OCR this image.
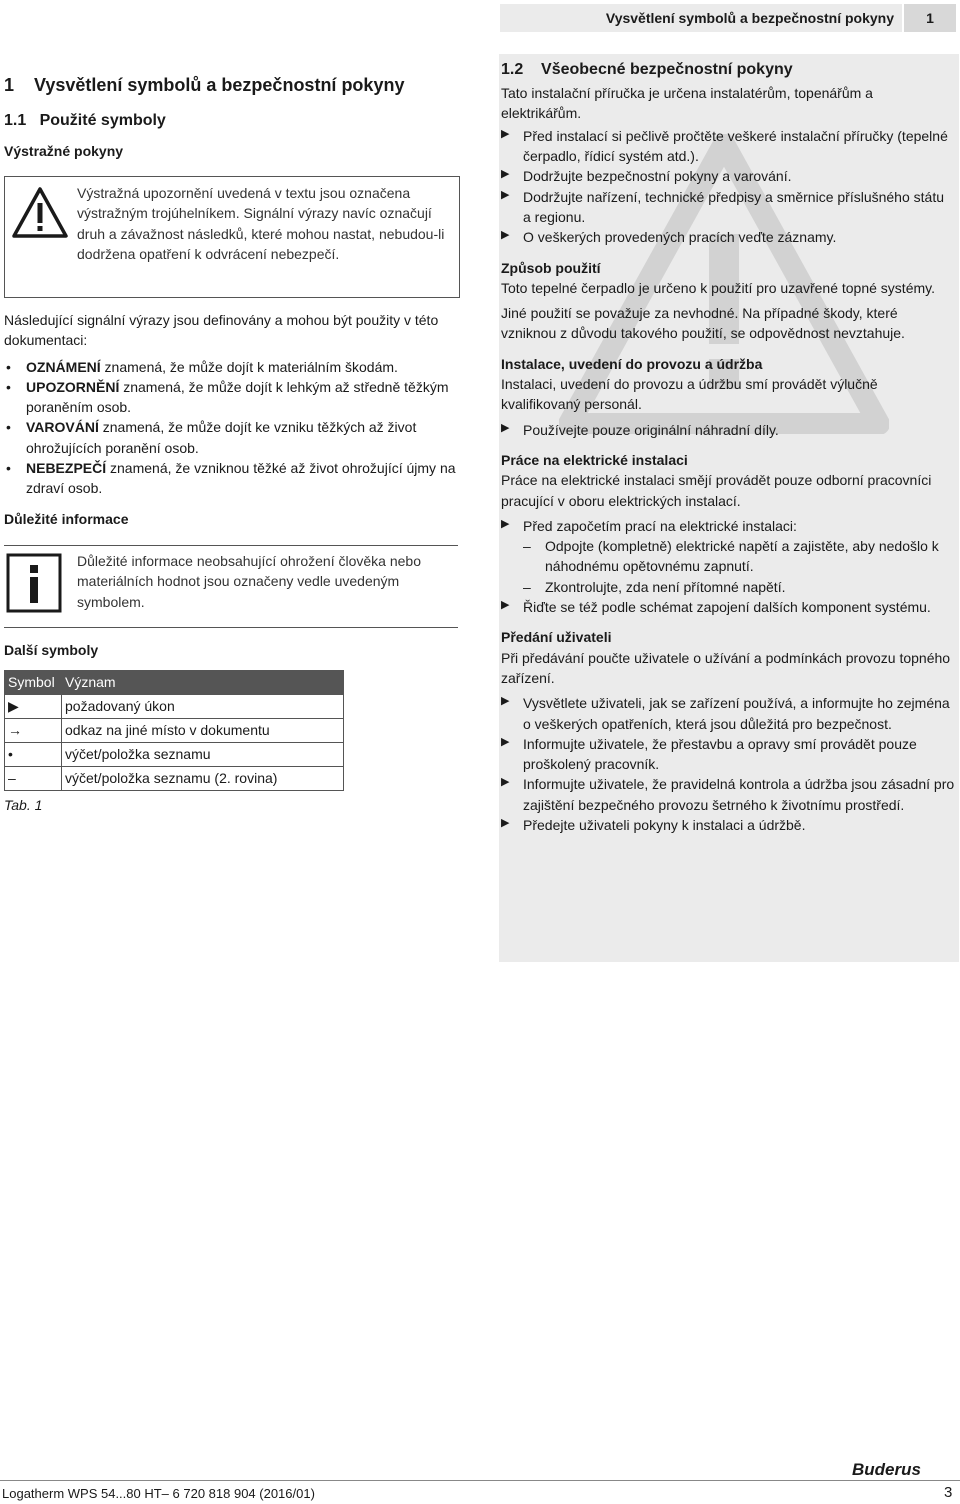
Vysvětlení symbolů a bezpečnostní pokyny	1
1    Vysvětlení symbolů a bezpečnostní pokyny
1.1   Použité symboly
Výstražné pokyny
Výstražná upozornění uvedená v textu jsou označena výstražným trojúhelníkem. Signální výrazy navíc označují druh a závažnost následků, které mohou nastat, nebudou-li dodržena opatření k odvrácení nebezpečí.

Následující signální výrazy jsou definovány a mohou být použity v této dokumentaci:

• OZNÁMENÍ znamená, že může dojít k materiálním škodám.
• UPOZORNĚNÍ znamená, že může dojít k lehkým až středně těžkým poraněním osob.
• VAROVÁNÍ znamená, že může dojít ke vzniku těžkých až život ohrožujících poranění osob.
• NEBEZPEČÍ znamená, že vzniknou těžké až život ohrožující újmy na zdraví osob.
Důležité informace
Důležité informace neobsahující ohrožení člověka nebo materiálních hodnot jsou označeny vedle uvedeným symbolem.
Další symboly
Symbol	Význam
▶	požadovaný úkon
→	odkaz na jiné místo v dokumentu
•	výčet/položka seznamu
–	výčet/položka seznamu (2. rovina)
Tab. 1
1.2    Všeobecné bezpečnostní pokyny

Tato instalační příručka je určena instalatérům, topenářům a elektrikářům.

▶ Před instalací si pečlivě pročtěte veškeré instalační příručky (tepelné čerpadlo, řídicí systém atd.).
▶ Dodržujte bezpečnostní pokyny a varování.
▶ Dodržujte nařízení, technické předpisy a směrnice příslušného státu a regionu.
▶ O veškerých provedených pracích veďte záznamy.
Způsob použití

Toto tepelné čerpadlo je určeno k použití pro uzavřené topné systémy.

Jiné použití se považuje za nevhodné. Na případné škody, které vzniknou z důvodu takového použití, se odpovědnost nevztahuje.

Instalace, uvedení do provozu a údržba

Instalaci, uvedení do provozu a údržbu smí provádět výlučně kvalifikovaný personál.

▶ Používejte pouze originální náhradní díly.
Práce na elektrické instalaci

Práce na elektrické instalaci smějí provádět pouze odborní pracovníci pracující v oboru elektrických instalací.

▶ Před započetím prací na elektrické instalaci:
– Odpojte (kompletně) elektrické napětí a zajistěte, aby nedošlo k náhodnému opětovnému zapnutí.
– Zkontrolujte, zda není přítomné napětí.
▶ Řiďte se též podle schémat zapojení dalších komponent systému.
Předání uživateli

Při předávání poučte uživatele o užívání a podmínkách provozu topného zařízení.

▶ Vysvětlete uživateli, jak se zařízení používá, a informujte ho zejména o veškerých opatřeních, která jsou důležitá pro bezpečnost.
▶ Informujte uživatele, že přestavbu a opravy smí provádět pouze proškolený pracovník.
▶ Informujte uživatele, že pravidelná kontrola a údržba jsou zásadní pro zajištění bezpečného provozu šetrného k životnímu prostředí.
▶ Předejte uživateli pokyny k instalaci a údržbě.
Buderus
Logatherm WPS 54...80 HT– 6 720 818 904 (2016/01)	3
